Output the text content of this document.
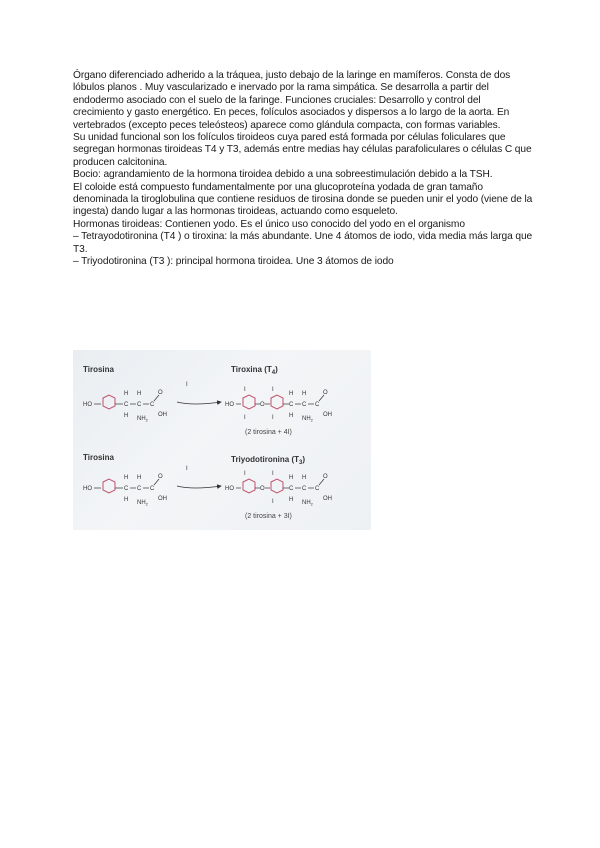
Órgano diferenciado adherido a la tráquea, justo debajo de la laringe en mamíferos. Consta de dos lóbulos planos . Muy vascularizado e inervado por la rama simpática. Se desarrolla a partir del endodermo asociado con el suelo de la faringe. Funciones cruciales: Desarrollo y control del crecimiento y gasto energético. En peces, folículos asociados y dispersos a lo largo de la aorta. En vertebrados (excepto peces teleósteos) aparece como glándula compacta, con formas variables.

Su unidad funcional son los folículos tiroideos cuya pared está formada por células foliculares que segregan hormonas tiroideas T4 y T3, además entre medias hay células parafoliculares o células C que producen calcitonina.

Bocio: agrandamiento de la hormona tiroidea debido a una sobreestimulación debido a la TSH.

El coloide está compuesto fundamentalmente por una glucoproteína yodada de gran tamaño denominada la tiroglobulina que contiene residuos de tirosina donde se pueden unir el yodo (viene de la ingesta) dando lugar a las hormonas tiroideas, actuando como esqueleto.

Hormonas tiroideas: Contienen yodo. Es el único uso conocido del yodo en el organismo

– Tetrayodotironina (T4 ) o tiroxina: la más abundante. Une 4 átomos de iodo, vida media más larga que T3.

– Triyodotironina (T3 ): principal hormona tiroidea. Une 3 átomos de iodo

Tirosina	Tiroxina $(T_4)$
HO	C
H
H
C
H
$NH_2$
C
O
OH
I
HO
I
I
O
I
I
C
H
H
C
H
$NH_2$
C
O
OH
(2 tirosina + 4I)
Tirosina	Triyodotironina $(T_3)$
HO	C
H
H
C
H
$NH_2$
C
O
OH
I
HO
I
O
I
I
C
H
H
C
H
$NH_2$
C
O
OH
(2 tirosina + 3I)
